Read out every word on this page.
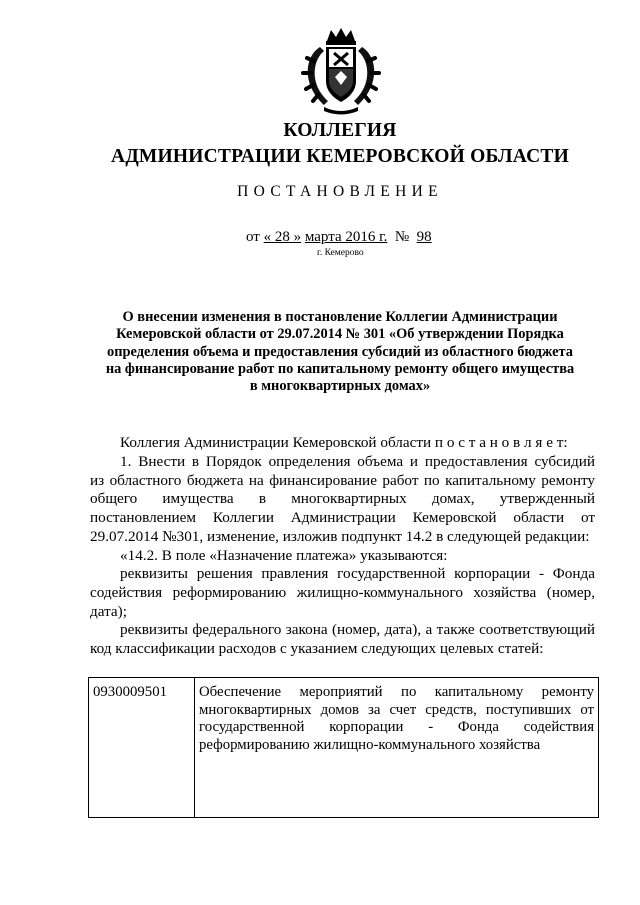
КОЛЛЕГИЯ
АДМИНИСТРАЦИИ КЕМЕРОВСКОЙ ОБЛАСТИ
ПОСТАНОВЛЕНИЕ
от « 28 » марта 2016 г. № 98
г. Кемерово
О внесении изменения в постановление Коллегии Администрации
Кемеровской области от 29.07.2014 № 301 «Об утверждении Порядка
определения объема и предоставления субсидий из областного бюджета
на финансирование работ по капитальному ремонту общего имущества
в многоквартирных домах»
Коллегия Администрации Кемеровской области п о с т а н о в л я е т:
1. Внести в Порядок определения объема и предоставления субсидий
из областного бюджета на финансирование работ по капитальному ремонту
общего имущества в многоквартирных домах, утвержденный
постановлением Коллегии Администрации Кемеровской области от
29.07.2014 №301, изменение, изложив подпункт 14.2 в следующей редакции:
«14.2. В поле «Назначение платежа» указываются:
реквизиты решения правления государственной корпорации - Фонда
содействия реформированию жилищно-коммунального хозяйства (номер,
дата);
реквизиты федерального закона (номер, дата), а также соответствующий
код классификации расходов с указанием следующих целевых статей:
0930009501	Обеспечение мероприятий по капитальному ремонту многоквартирных домов за счет средств, поступивших от государственной корпорации - Фонда содействия реформированию жилищно-коммунального хозяйства
